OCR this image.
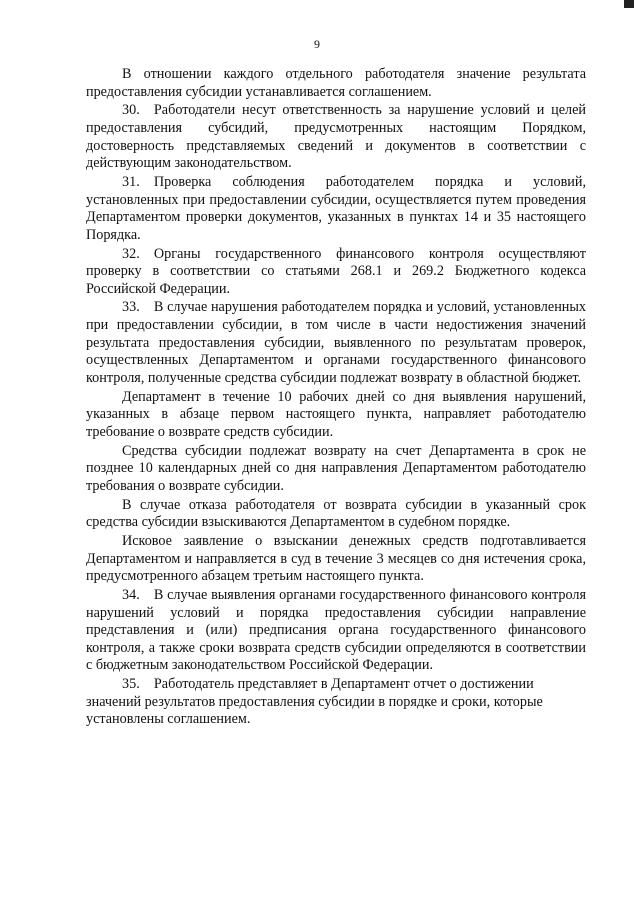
9

В отношении каждого отдельного работодателя значение результата предоставления субсидии устанавливается соглашением.

30. Работодатели несут ответственность за нарушение условий и целей предоставления субсидий, предусмотренных настоящим Порядком, достоверность представляемых сведений и документов в соответствии с действующим законодательством.

31. Проверка соблюдения работодателем порядка и условий, установленных при предоставлении субсидии, осуществляется путем проведения Департаментом проверки документов, указанных в пунктах 14 и 35 настоящего Порядка.

32. Органы государственного финансового контроля осуществляют проверку в соответствии со статьями 268.1 и 269.2 Бюджетного кодекса Российской Федерации.

33. В случае нарушения работодателем порядка и условий, установленных при предоставлении субсидии, в том числе в части недостижения значений результата предоставления субсидии, выявленного по результатам проверок, осуществленных Департаментом и органами государственного финансового контроля, полученные средства субсидии подлежат возврату в областной бюджет.

Департамент в течение 10 рабочих дней со дня выявления нарушений, указанных в абзаце первом настоящего пункта, направляет работодателю требование о возврате средств субсидии.

Средства субсидии подлежат возврату на счет Департамента в срок не позднее 10 календарных дней со дня направления Департаментом работодателю требования о возврате субсидии.

В случае отказа работодателя от возврата субсидии в указанный срок средства субсидии взыскиваются Департаментом в судебном порядке.

Исковое заявление о взыскании денежных средств подготавливается Департаментом и направляется в суд в течение 3 месяцев со дня истечения срока, предусмотренного абзацем третьим настоящего пункта.

34. В случае выявления органами государственного финансового контроля нарушений условий и порядка предоставления субсидии направление представления и (или) предписания органа государственного финансового контроля, а также сроки возврата средств субсидии определяются в соответствии с бюджетным законодательством Российской Федерации.

35. Работодатель представляет в Департамент отчет о достижении значений результатов предоставления субсидии в порядке и сроки, которые установлены соглашением.
